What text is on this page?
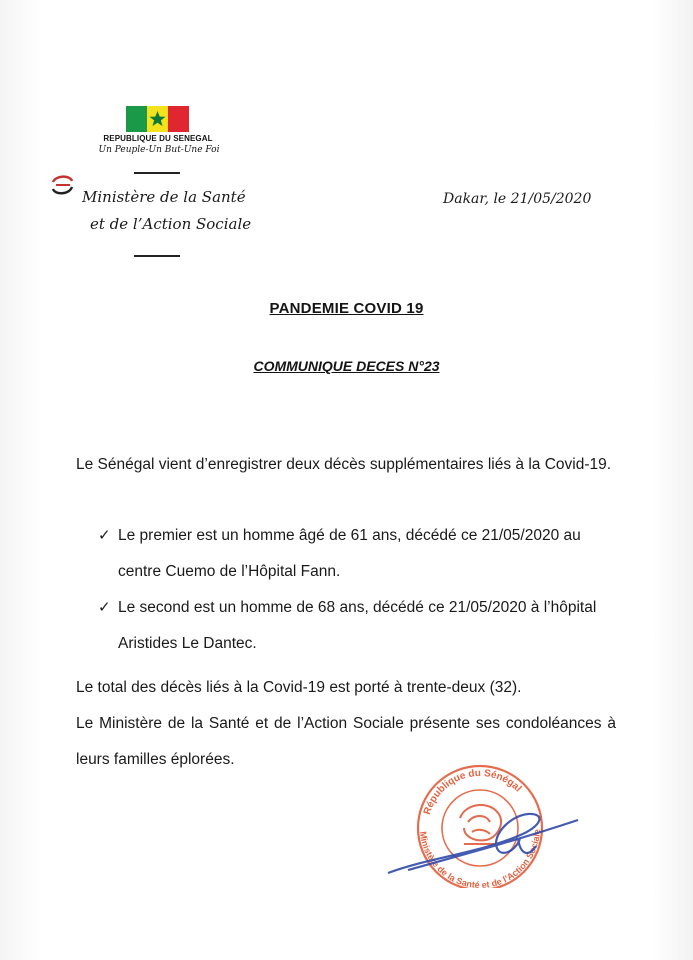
REPUBLIQUE DU SENEGAL
Un Peuple-Un But-Une Foi
Ministère de la Santé
et de l’Action Sociale
Dakar, le 21/05/2020
PANDEMIE COVID 19
COMMUNIQUE DECES N°23
Le Sénégal vient d’enregistrer deux décès supplémentaires liés à la Covid-19.
✓ Le premier est un homme âgé de 61 ans, décédé ce 21/05/2020 au centre Cuemo de l’Hôpital Fann.
✓ Le second est un homme de 68 ans, décédé ce 21/05/2020 à l’hôpital Aristides Le Dantec.
Le total des décès liés à la Covid-19 est porté à trente-deux (32).
Le Ministère de la Santé et de l’Action Sociale présente ses condoléances à leurs familles éplorées.
République du Sénégal
Ministère de la Santé et de l’Action Sociale
